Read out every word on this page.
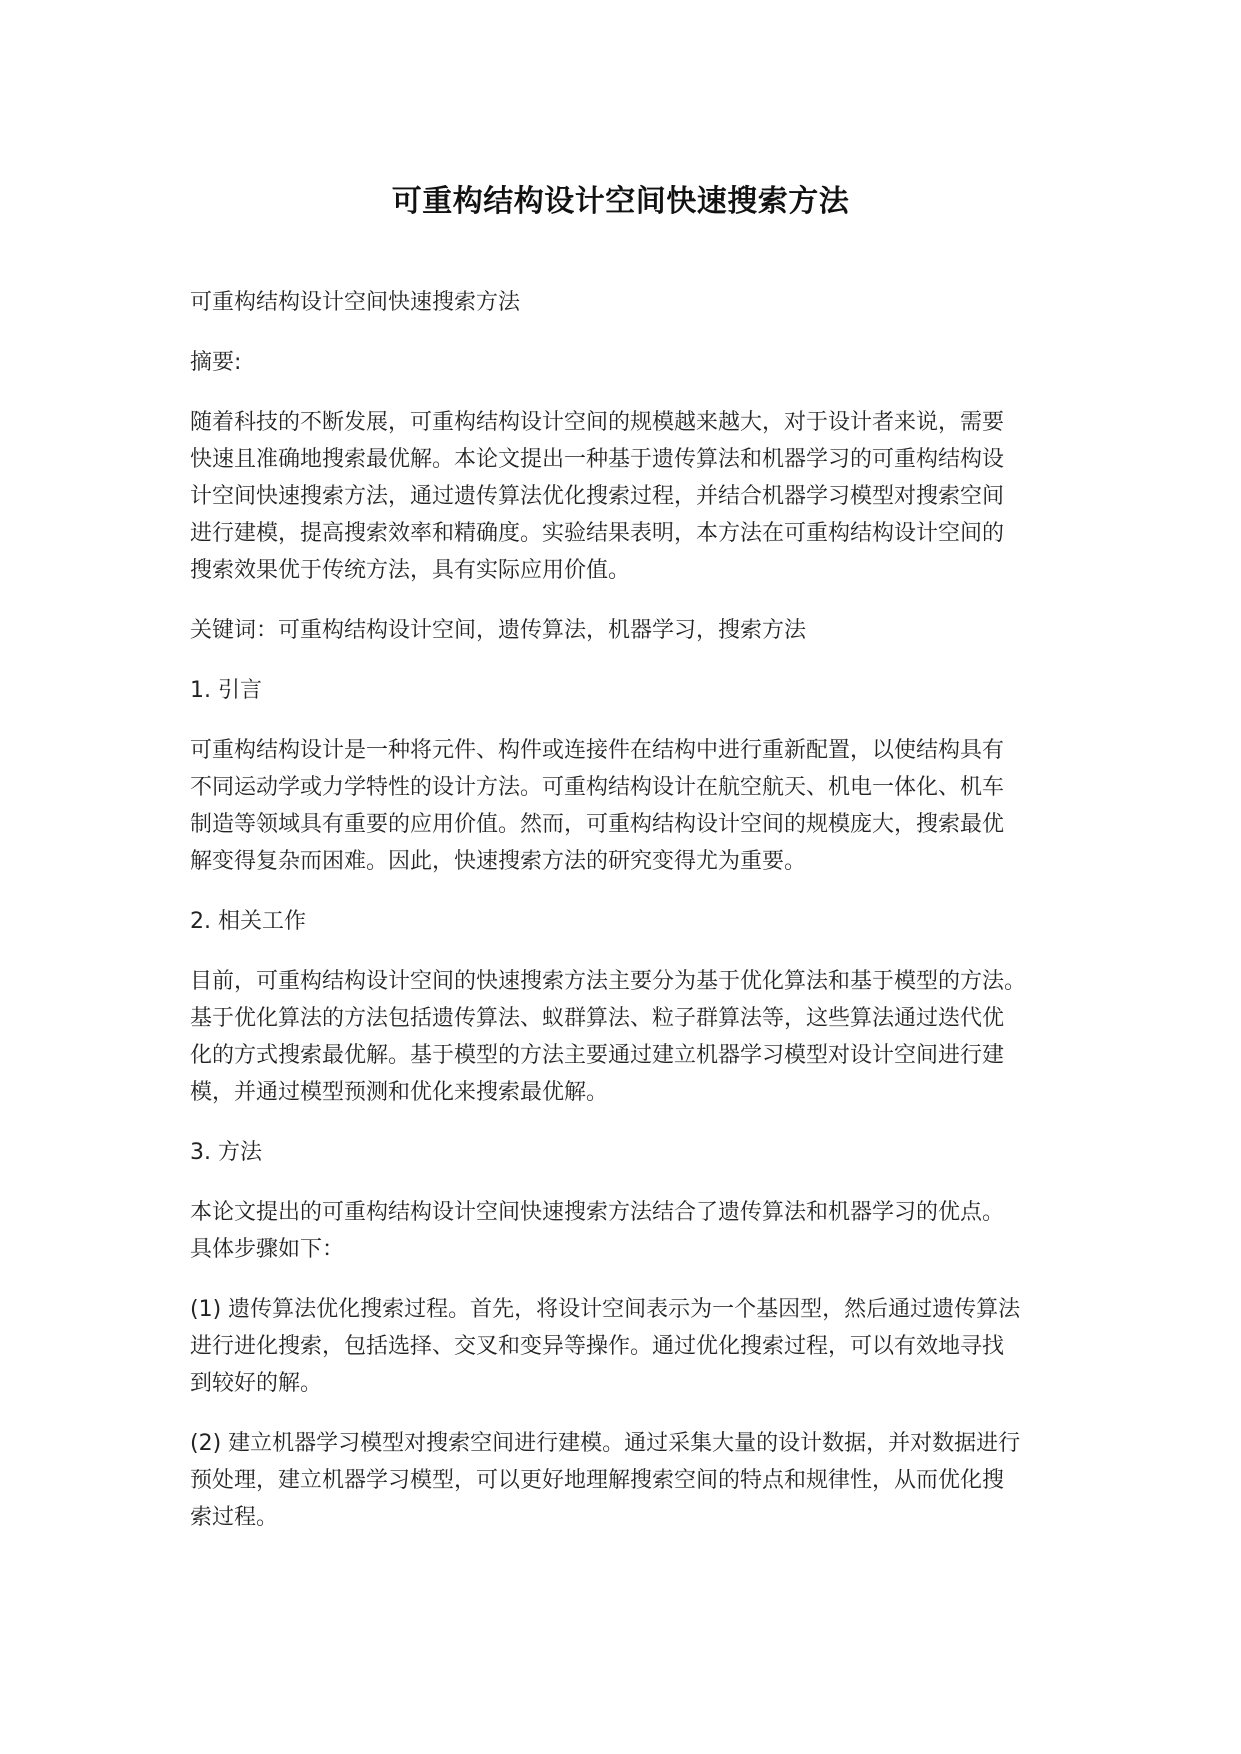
可重构结构设计空间快速搜索方法

可重构结构设计空间快速搜索方法

摘要:

随着科技的不断发展，可重构结构设计空间的规模越来越大，对于设计者来说，需要
快速且准确地搜索最优解。本论文提出一种基于遗传算法和机器学习的可重构结构设
计空间快速搜索方法，通过遗传算法优化搜索过程，并结合机器学习模型对搜索空间
进行建模，提高搜索效率和精确度。实验结果表明，本方法在可重构结构设计空间的
搜索效果优于传统方法，具有实际应用价值。

关键词：可重构结构设计空间，遗传算法，机器学习，搜索方法

1. 引言

可重构结构设计是一种将元件、构件或连接件在结构中进行重新配置，以使结构具有
不同运动学或力学特性的设计方法。可重构结构设计在航空航天、机电一体化、机车
制造等领域具有重要的应用价值。然而，可重构结构设计空间的规模庞大，搜索最优
解变得复杂而困难。因此，快速搜索方法的研究变得尤为重要。

2. 相关工作

目前，可重构结构设计空间的快速搜索方法主要分为基于优化算法和基于模型的方法。
基于优化算法的方法包括遗传算法、蚁群算法、粒子群算法等，这些算法通过迭代优
化的方式搜索最优解。基于模型的方法主要通过建立机器学习模型对设计空间进行建
模，并通过模型预测和优化来搜索最优解。

3. 方法

本论文提出的可重构结构设计空间快速搜索方法结合了遗传算法和机器学习的优点。
具体步骤如下：

(1) 遗传算法优化搜索过程。首先，将设计空间表示为一个基因型，然后通过遗传算法
进行进化搜索，包括选择、交叉和变异等操作。通过优化搜索过程，可以有效地寻找
到较好的解。

(2) 建立机器学习模型对搜索空间进行建模。通过采集大量的设计数据，并对数据进行
预处理，建立机器学习模型，可以更好地理解搜索空间的特点和规律性，从而优化搜
索过程。
